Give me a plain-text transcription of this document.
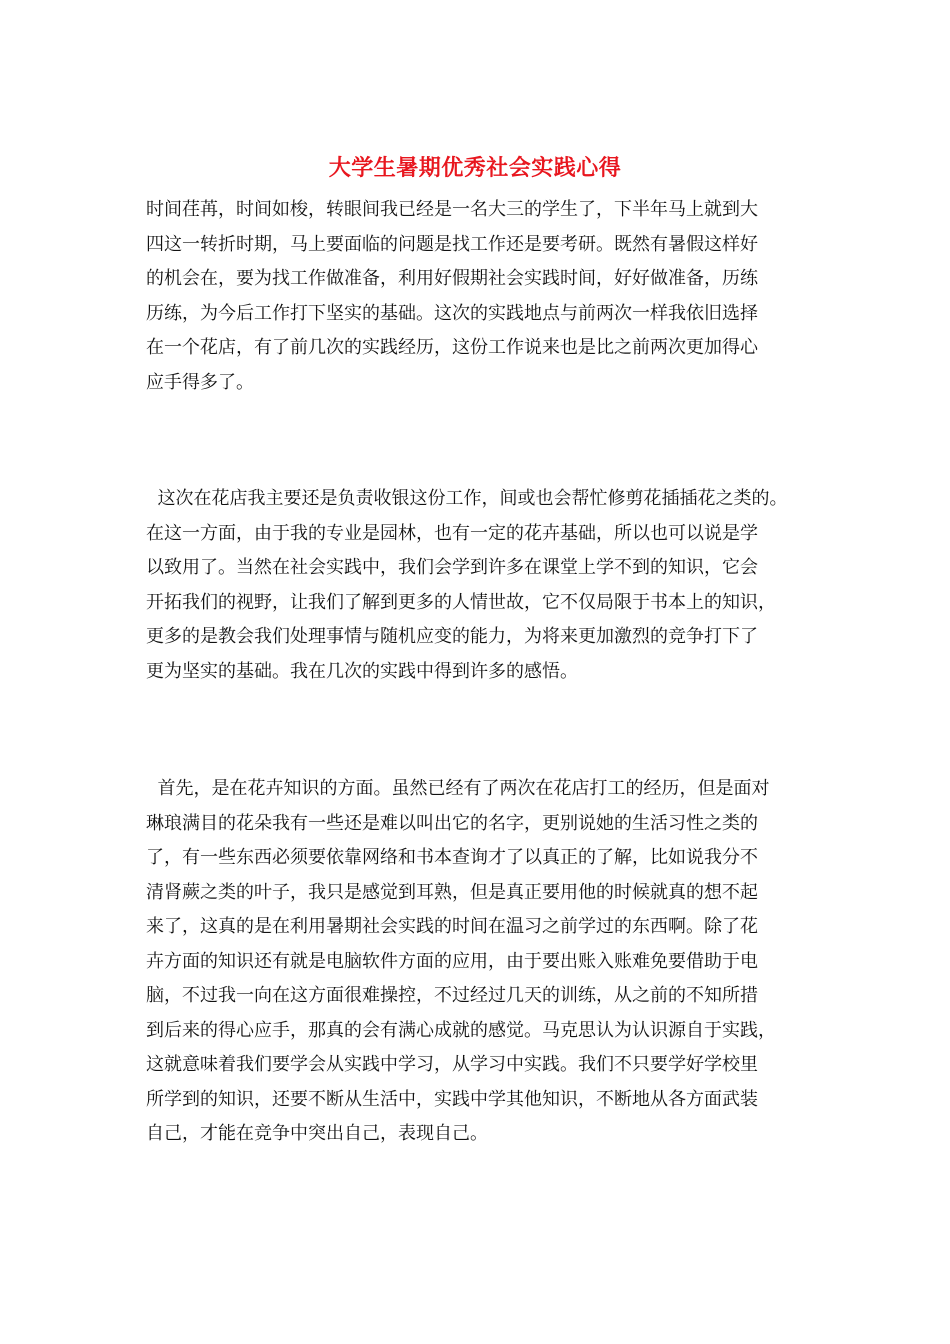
大学生暑期优秀社会实践心得
时间荏苒，时间如梭，转眼间我已经是一名大三的学生了，下半年马上就到大
四这一转折时期，马上要面临的问题是找工作还是要考研。既然有暑假这样好
的机会在，要为找工作做准备，利用好假期社会实践时间，好好做准备，历练
历练，为今后工作打下坚实的基础。这次的实践地点与前两次一样我依旧选择
在一个花店，有了前几次的实践经历，这份工作说来也是比之前两次更加得心
应手得多了。
这次在花店我主要还是负责收银这份工作，间或也会帮忙修剪花插插花之类的。
在这一方面，由于我的专业是园林，也有一定的花卉基础，所以也可以说是学
以致用了。当然在社会实践中，我们会学到许多在课堂上学不到的知识，它会
开拓我们的视野，让我们了解到更多的人情世故，它不仅局限于书本上的知识，
更多的是教会我们处理事情与随机应变的能力，为将来更加激烈的竞争打下了
更为坚实的基础。我在几次的实践中得到许多的感悟。
首先，是在花卉知识的方面。虽然已经有了两次在花店打工的经历，但是面对
琳琅满目的花朵我有一些还是难以叫出它的名字，更别说她的生活习性之类的
了，有一些东西必须要依靠网络和书本查询才了以真正的了解，比如说我分不
清肾蕨之类的叶子，我只是感觉到耳熟，但是真正要用他的时候就真的想不起
来了，这真的是在利用暑期社会实践的时间在温习之前学过的东西啊。除了花
卉方面的知识还有就是电脑软件方面的应用，由于要出账入账难免要借助于电
脑，不过我一向在这方面很难操控，不过经过几天的训练，从之前的不知所措
到后来的得心应手，那真的会有满心成就的感觉。马克思认为认识源自于实践，
这就意味着我们要学会从实践中学习，从学习中实践。我们不只要学好学校里
所学到的知识，还要不断从生活中，实践中学其他知识，不断地从各方面武装
自己，才能在竞争中突出自己，表现自己。
